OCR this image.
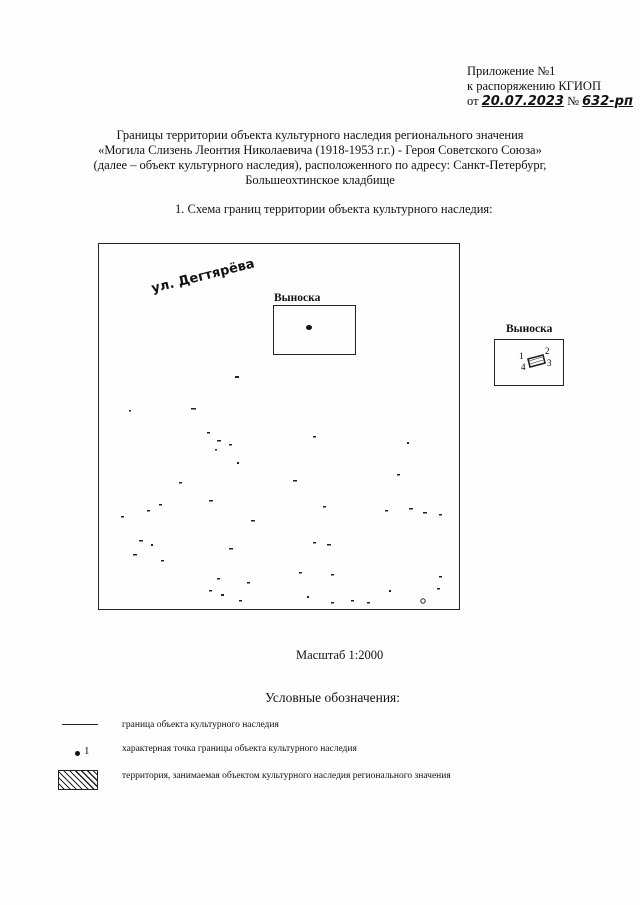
Приложение №1
к распоряжению КГИОП
от 20.07.2023 № 632-рп
Границы территории объекта культурного наследия регионального значения
«Могила Слизень Леонтия Николаевича (1918-1953 г.г.) - Героя Советского Союза»
(далее – объект культурного наследия), расположенного по адресу: Санкт-Петербург,
Большеохтинское кладбище
1. Схема границ территории объекта культурного наследия:
ул. Дегтярёва
Выноска
Выноска
1 2
3
4
Масштаб 1:2000
Условные обозначения:
граница объекта культурного наследия
1	характерная точка границы объекта культурного наследия
территория, занимаемая объектом культурного наследия регионального значения
